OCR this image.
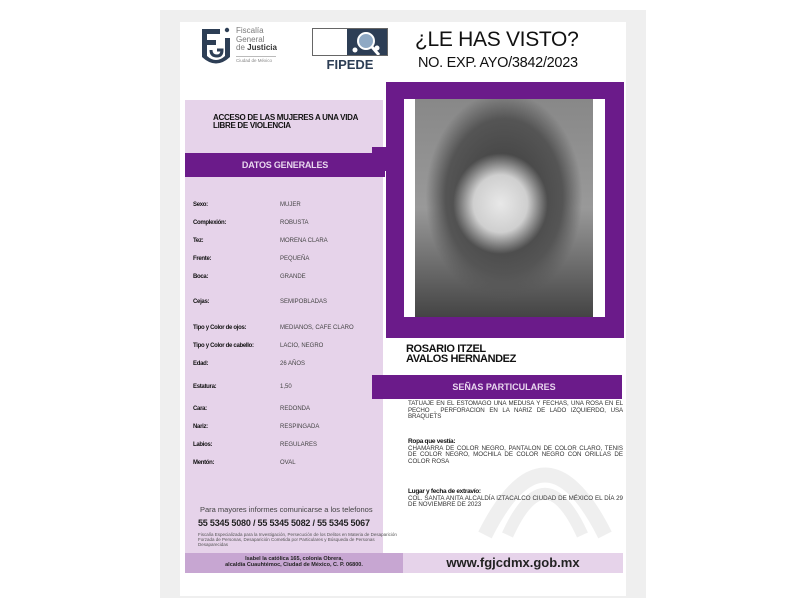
Fiscalía
General
de Justicia
Ciudad de México	FIPEDE
¿LE HAS VISTO?
NO. EXP. AYO/3842/2023
ACCESO DE LAS MUJERES A UNA VIDA LIBRE DE VIOLENCIA
DATOS GENERALES
Sexo:	MUJER
Complexión:	ROBUSTA
Tez:	MORENA CLARA
Frente:	PEQUEÑA
Boca:	GRANDE
Cejas:	SEMIPOBLADAS
Tipo y Color de ojos:	MEDIANOS, CAFE CLARO
Tipo y Color de cabello:	LACIO, NEGRO
Edad:	26 AÑOS
Estatura:	1,50
Cara:	REDONDA
Nariz:	RESPINGADA
Labios:	REGULARES
Mentón:	OVAL
Para mayores informes comunicarse a los telefonos
55 5345 5080 / 55 5345 5082 / 55 5345 5067
Fiscalía Especializada para la Investigación, Persecución de los Delitos en Materia de Desaparición Forzada de Personas, Desaparición Cometida por Particulares y Búsqueda de Personas Desaparecidas
Isabel la católica 165, colonia Obrera,
alcaldía Cuauhtémoc, Ciudad de México, C. P. 06800.
ROSARIO ITZEL
AVALOS HERNANDEZ
SEÑAS PARTICULARES
TATUAJE EN EL ESTOMAGO UNA MEDUSA Y FECHAS, UNA ROSA EN EL PECHO , PERFORACION EN LA NARIZ DE LADO IZQUIERDO, USA BRAQUETS
Ropa que vestía:
CHAMARRA DE COLOR NEGRO, PANTALON DE COLOR CLARO, TENIS DE COLOR NEGRO, MOCHILA DE COLOR NEGRO CON ORILLAS DE COLOR ROSA
Lugar y fecha de extravío:
COL. SANTA ANITA ALCALDÍA IZTACALCO CIUDAD DE MÉXICO EL DÍA 29 DE NOVIEMBRE DE 2023
www.fgjcdmx.gob.mx
